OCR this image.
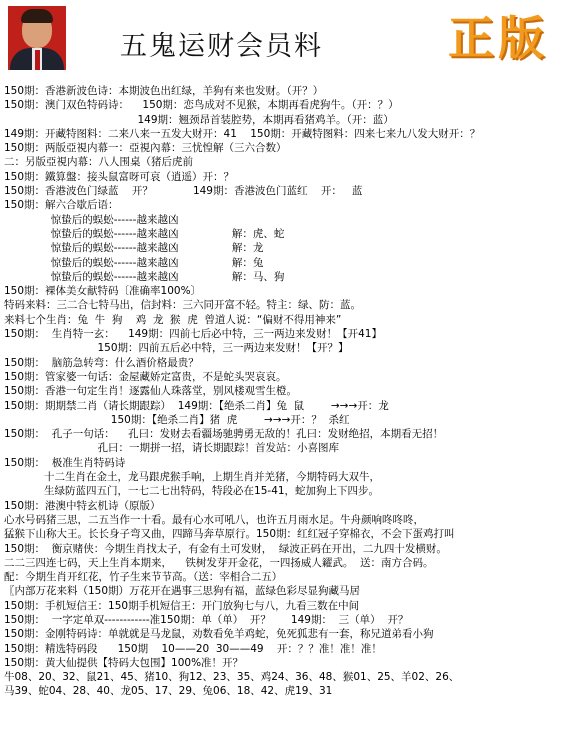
五鬼运财会员料	正版
150期：香港新波色诗：本期波色出红绿，羊狗有来也发财。（开？）
150期：澳门双色特码诗：    150期：恋鸟成对不见猴，本期再看虎狗牛。（开：？）
149期：翘颈昂首装腔势，本期再看猪鸡羊。（开：蓝）
149期：开藏特图料：二来八来一五发大财开：41    150期：开藏特图料：四来七来九八发大财开：？
150期：两版亞視内幕一：亞視內幕：三忧惶解（三六合数）
二：另版亞視内幕：八人围桌（猪后虎前
150期：鐵算盤：接头鼠富呀可哀（逍遥）开：？
150期：香港波色门绿蓝    开？            149期：香港波色门蓝红    开：   蓝
150期：解六合歇后语：
惊蛰后的蜈蚣------越来越凶
惊蛰后的蜈蚣------越来越凶                解：虎、蛇
惊蛰后的蜈蚣------越来越凶                解：龙
惊蛰后的蜈蚣------越来越凶                解：兔
惊蛰后的蜈蚣------越来越凶                解：马、狗
150期：裸体美女献特码〔准确率100%〕
特码来料：三二合七特马出，信封料：三六同开富不轻。特主：绿、防：蓝。
来料七个生肖：兔  牛  狗    鸡  龙  猴  虎  曾道人说：“偏财不得用神来”
150期：  生肖特一玄：    149期：四前七后必中特，三一两边来发财！【开41】
150期：四前五后必中特，三一两边来发财！【开？】
150期：  脑筋急转弯：什么酒价格最贵？
150期：管家婆一句话：金屋藏娇定富贵，不是蛇头哭哀哀。
150期：香港一句定生肖！逐露仙人珠落堂，别风楼观雪生橙。
150期：期期禁二肖（请长期跟踪）  149期：【绝杀二肖】兔  鼠        →→→开：龙
150期：【绝杀二肖】猪  虎        →→→开：？  杀红
150期：  孔子一句话：    孔曰：发财去看疆场驰骋勇无敌的！孔曰：发财绝招，本期看无招！
孔曰：一期拼一招，请长期跟踪！首发站：小喜图库
150期：  极准生肖特码诗
十二生肖在金土，龙马跟虎猴手响，上期生肖并羌猪，今期特码大双牛，
生绿防蓝四五门，一七二七出特码，特段必在15-41，蛇加狗上下四步。
150期：港澳中特玄机诗（原版）
心水号码猪三思，二五当作一十看。最有心水可吼八，也许五月雨水足。牛舟颜响咚咚咚，
猛猴下山称大王。长长身子弯又曲，四蹄马奔草原行。150期：红红冠子穿棉衣，不会下蛋鸡打叫
150期：  衡京赌侠：今期生肖找太子，有金有土可发财，  绿波正码在开出，二九四十发横财。
二二三四连七码，天上生肖本期来，    铁树发芽开金花，一四扬威人糴武。  送：南方合码。
配：今期生肖开红花，竹子生来节节高。（送：宰相合二五）
〖内部万花来料（150期）万花开在遇事三思狗有福，蓝绿色彩尽显狗藏马居
150期：手机短信王：150期手机短信王：开门放狗七与八，九看三数在中间
150期：  一字定单双------------准150期：单（单）  开？      149期：  三（单）  开？
150期：金刚特码诗：单就就是马龙鼠，劝数看免羊鸡蛇，免死狐悲有一套，称兄道弟看小狗
150期：精选特码段      150期    10——20  30——49    开：？？准！准！准！
150期：黄大仙提供【特码大包围】100%准！开？
牛08、20、32、鼠21、45、猪10、狗12、23、35、鸡24、36、48、猴01、25、羊02、26、
马39、蛇04、28、40、龙05、17、29、兔06、18、42、虎19、31
